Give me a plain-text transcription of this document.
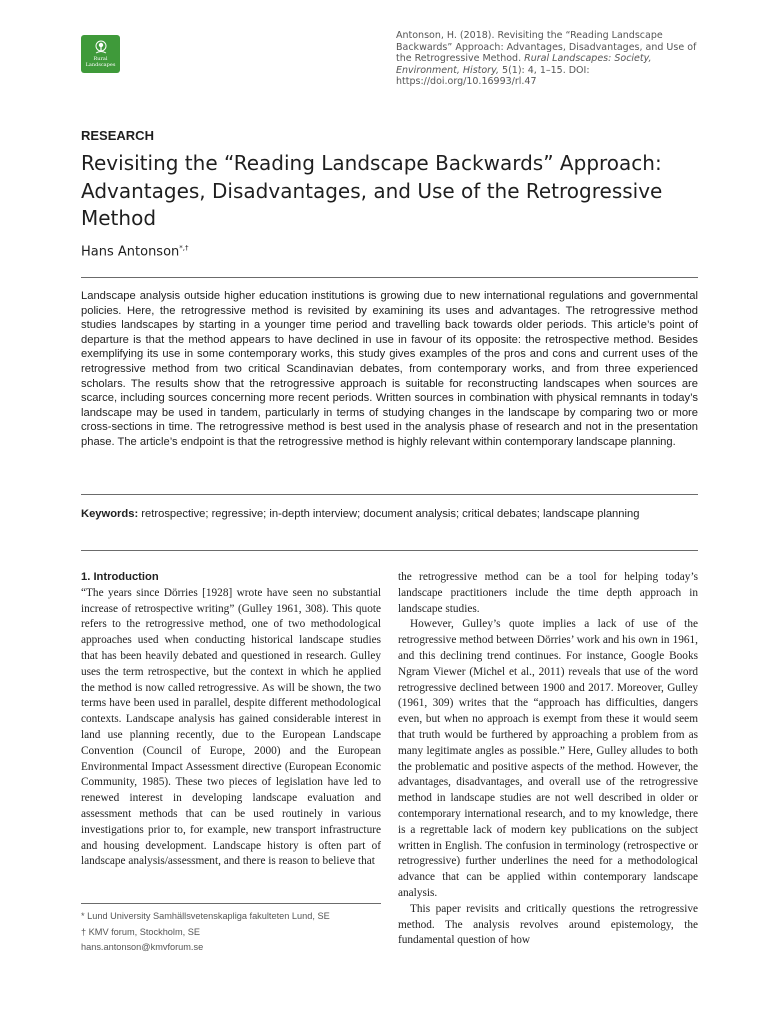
Rural
Landscapes
Antonson, H. (2018). Revisiting the “Reading Landscape Backwards” Approach: Advantages, Disadvantages, and Use of the Retrogressive Method. Rural Landscapes: Society, Environment, History, 5(1): 4, 1–15. DOI: https://doi.org/10.16993/rl.47
RESEARCH
Revisiting the “Reading Landscape Backwards” Approach: Advantages, Disadvantages, and Use of the Retrogressive Method
Hans Antonson*,†

Landscape analysis outside higher education institutions is growing due to new international regulations and governmental policies. Here, the retrogressive method is revisited by examining its uses and advantages. The retrogressive method studies landscapes by starting in a younger time period and travelling back towards older periods. This article’s point of departure is that the method appears to have declined in use in favour of its opposite: the retrospective method. Besides exemplifying its use in some contemporary works, this study gives examples of the pros and cons and current uses of the retrogressive method from two critical Scandinavian debates, from contemporary works, and from three experienced scholars. The results show that the retrogressive approach is suitable for reconstructing landscapes when sources are scarce, including sources concerning more recent periods. Written sources in combination with physical remnants in today’s landscape may be used in tandem, particularly in terms of studying changes in the landscape by comparing two or more cross-sections in time. The retrogressive method is best used in the analysis phase of research and not in the presentation phase. The article’s endpoint is that the retrogressive method is highly relevant within contemporary landscape planning.

Keywords: retrospective; regressive; in-depth interview; document analysis; critical debates; landscape planning

1. Introduction

“The years since Dörries [1928] wrote have seen no substantial increase of retrospective writing” (Gulley 1961, 308). This quote refers to the retrogressive method, one of two methodological approaches used when conducting historical landscape studies that has been heavily debated and questioned in research. Gulley uses the term retrospective, but the context in which he applied the method is now called retrogressive. As will be shown, the two terms have been used in parallel, despite different methodological contexts. Landscape analysis has gained considerable interest in land use planning recently, due to the European Landscape Convention (Council of Europe, 2000) and the European Environmental Impact Assessment directive (European Economic Community, 1985). These two pieces of legislation have led to renewed interest in developing landscape evaluation and assessment methods that can be used routinely in various investigations prior to, for example, new transport infrastructure and housing development. Landscape history is often part of landscape analysis/assessment, and there is reason to believe that

the retrogressive method can be a tool for helping today’s landscape practitioners include the time depth approach in landscape studies.

However, Gulley’s quote implies a lack of use of the retrogressive method between Dörries’ work and his own in 1961, and this declining trend continues. For instance, Google Books Ngram Viewer (Michel et al., 2011) reveals that use of the word retrogressive declined between 1900 and 2017. Moreover, Gulley (1961, 309) writes that the “approach has difficulties, dangers even, but when no approach is exempt from these it would seem that truth would be furthered by approaching a problem from as many legitimate angles as possible.” Here, Gulley alludes to both the problematic and positive aspects of the method. However, the advantages, disadvantages, and overall use of the retrogressive method in landscape studies are not well described in older or contemporary international research, and to my knowledge, there is a regrettable lack of modern key publications on the subject written in English. The confusion in terminology (retrospective or retrogressive) further underlines the need for a methodological advance that can be applied within contemporary landscape analysis.

This paper revisits and critically questions the retrogressive method. The analysis revolves around epistemology, the fundamental question of how

* Lund University Samhällsvetenskapliga fakulteten Lund, SE
† KMV forum, Stockholm, SE
hans.antonson@kmvforum.se
